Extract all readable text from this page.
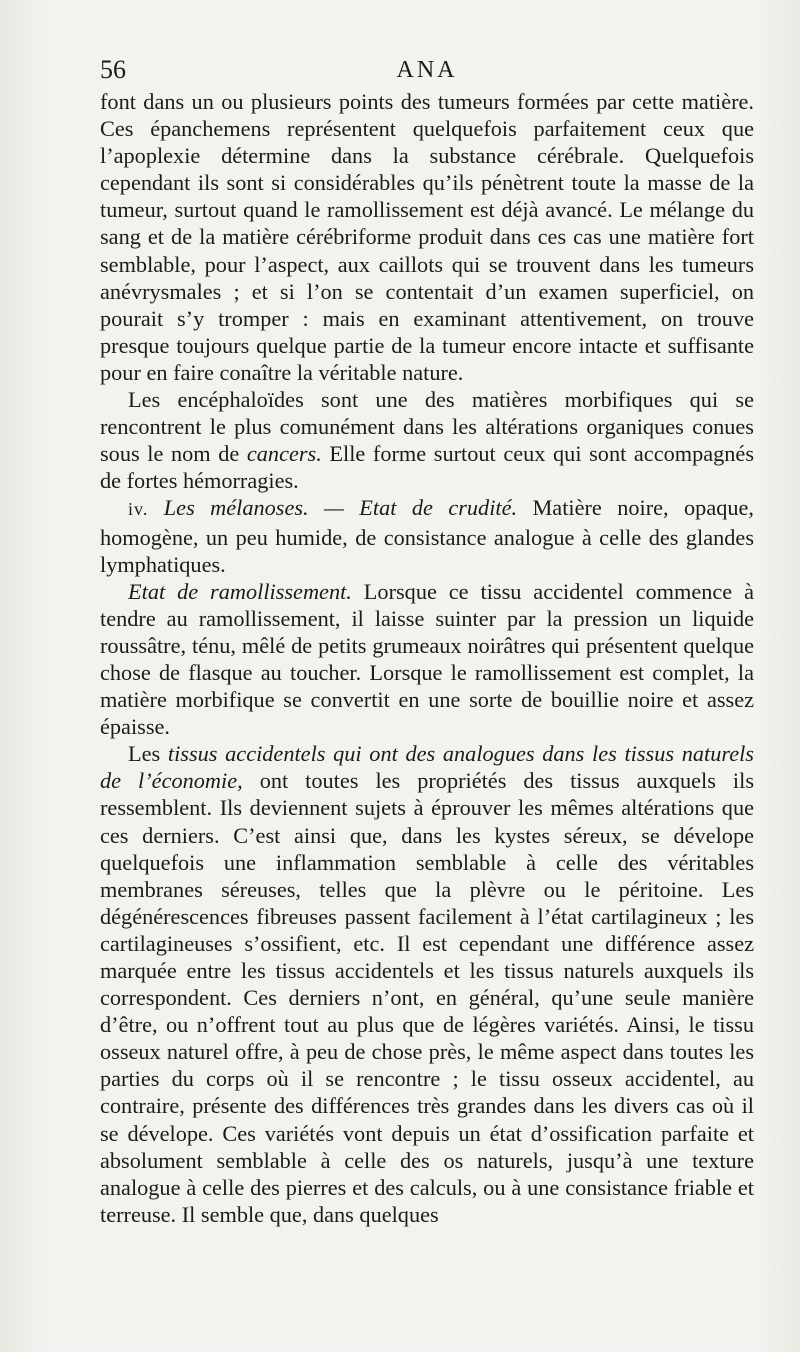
56	ANA

font dans un ou plusieurs points des tumeurs formées par cette matière. Ces épanchemens représentent quelquefois parfaitement ceux que l’apoplexie détermine dans la substance cérébrale. Quelquefois cependant ils sont si considérables qu’ils pénètrent toute la masse de la tumeur, surtout quand le ramollissement est déjà avancé. Le mélange du sang et de la matière cérébriforme produit dans ces cas une matière fort semblable, pour l’aspect, aux caillots qui se trouvent dans les tumeurs anévrysmales ; et si l’on se contentait d’un examen superficiel, on pourait s’y tromper : mais en examinant attentivement, on trouve presque toujours quelque partie de la tumeur encore intacte et suffisante pour en faire conaître la véritable nature.

Les encéphaloïdes sont une des matières morbifiques qui se rencontrent le plus comunément dans les altérations organiques conues sous le nom de cancers. Elle forme surtout ceux qui sont accompagnés de fortes hémorragies.

iv. Les mélanoses. — Etat de crudité. Matière noire, opaque, homogène, un peu humide, de consistance analogue à celle des glandes lymphatiques.

Etat de ramollissement. Lorsque ce tissu accidentel commence à tendre au ramollissement, il laisse suinter par la pression un liquide roussâtre, ténu, mêlé de petits grumeaux noirâtres qui présentent quelque chose de flasque au toucher. Lorsque le ramollissement est complet, la matière morbifique se convertit en une sorte de bouillie noire et assez épaisse.

Les tissus accidentels qui ont des analogues dans les tissus naturels de l’économie, ont toutes les propriétés des tissus auxquels ils ressemblent. Ils deviennent sujets à éprouver les mêmes altérations que ces derniers. C’est ainsi que, dans les kystes séreux, se dévelope quelquefois une inflammation semblable à celle des véritables membranes séreuses, telles que la plèvre ou le péritoine. Les dégénérescences fibreuses passent facilement à l’état cartilagineux ; les cartilagineuses s’ossifient, etc. Il est cependant une différence assez marquée entre les tissus accidentels et les tissus naturels auxquels ils correspondent. Ces derniers n’ont, en général, qu’une seule manière d’être, ou n’offrent tout au plus que de légères variétés. Ainsi, le tissu osseux naturel offre, à peu de chose près, le même aspect dans toutes les parties du corps où il se rencontre ; le tissu osseux accidentel, au contraire, présente des différences très grandes dans les divers cas où il se dévelope. Ces variétés vont depuis un état d’ossification parfaite et absolument semblable à celle des os naturels, jusqu’à une texture analogue à celle des pierres et des calculs, ou à une consistance friable et terreuse. Il semble que, dans quelques
